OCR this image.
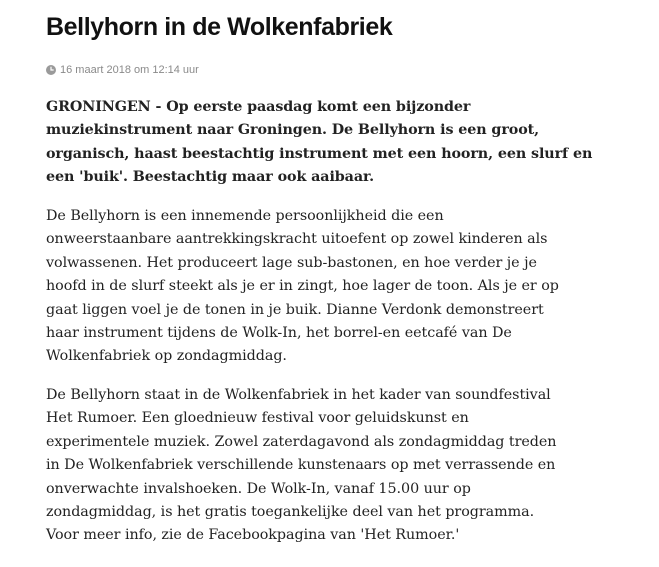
Bellyhorn in de Wolkenfabriek
16 maart 2018 om 12:14 uur

GRONINGEN - Op eerste paasdag komt een bijzonder
muziekinstrument naar Groningen. De Bellyhorn is een groot,
organisch, haast beestachtig instrument met een hoorn, een slurf en
een 'buik'. Beestachtig maar ook aaibaar.

De Bellyhorn is een innemende persoonlijkheid die een
onweerstaanbare aantrekkingskracht uitoefent op zowel kinderen als
volwassenen. Het produceert lage sub-bastonen, en hoe verder je je
hoofd in de slurf steekt als je er in zingt, hoe lager de toon. Als je er op
gaat liggen voel je de tonen in je buik. Dianne Verdonk demonstreert
haar instrument tijdens de Wolk-In, het borrel-en eetcafé van De
Wolkenfabriek op zondagmiddag.

De Bellyhorn staat in de Wolkenfabriek in het kader van soundfestival
Het Rumoer. Een gloednieuw festival voor geluidskunst en
experimentele muziek. Zowel zaterdagavond als zondagmiddag treden
in De Wolkenfabriek verschillende kunstenaars op met verrassende en
onverwachte invalshoeken. De Wolk-In, vanaf 15.00 uur op
zondagmiddag, is het gratis toegankelijke deel van het programma.
Voor meer info, zie de Facebookpagina van 'Het Rumoer.'
